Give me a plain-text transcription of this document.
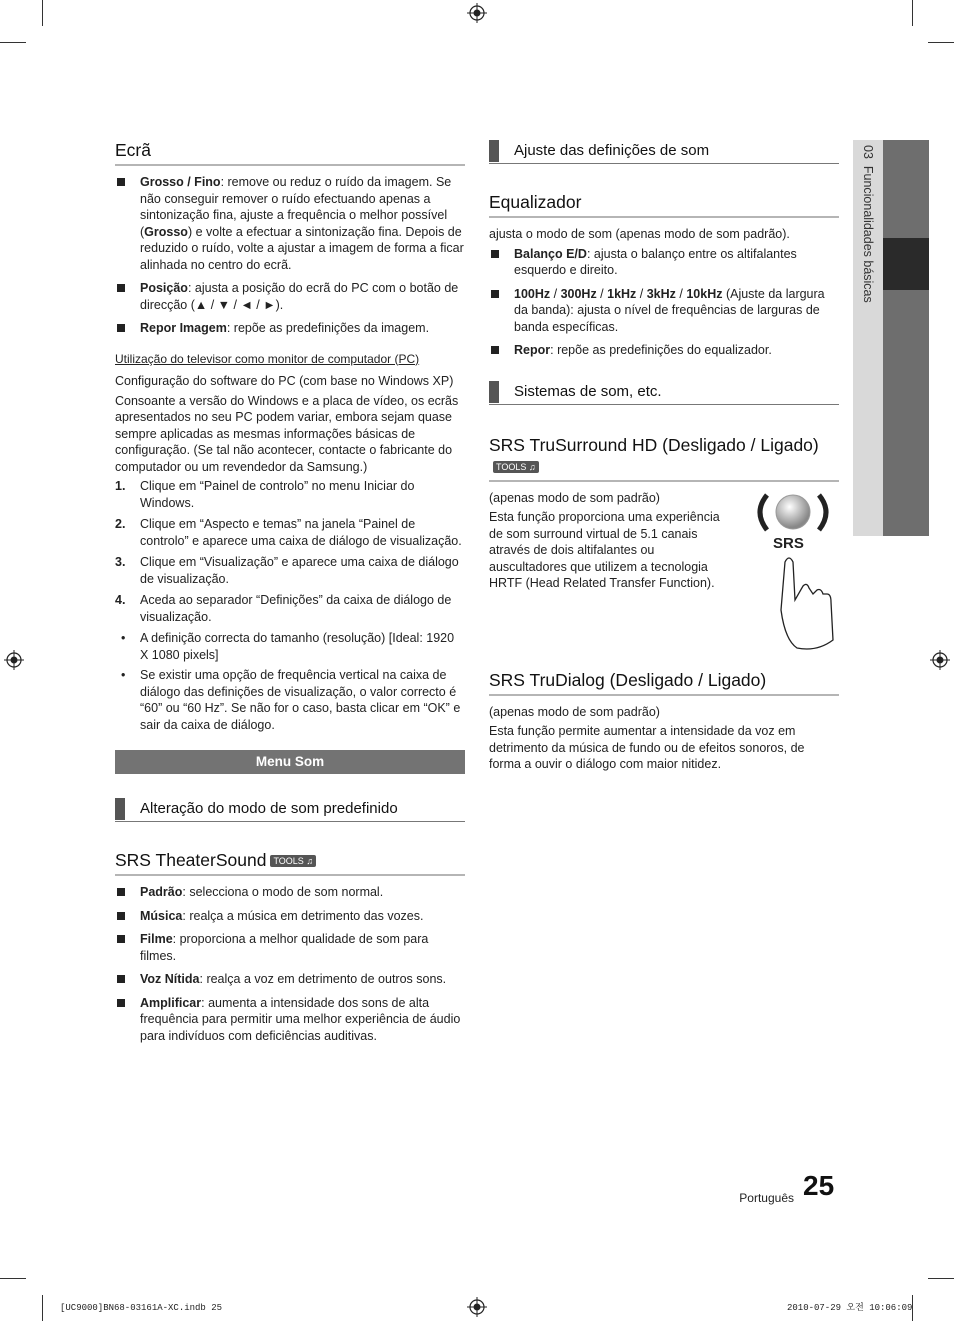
03  Funcionalidades básicas
Ecrã
Grosso / Fino: remove ou reduz o ruído da imagem. Se não conseguir remover o ruído efectuando apenas a sintonização fina, ajuste a frequência o melhor possível (Grosso) e volte a efectuar a sintonização fina. Depois de reduzido o ruído, volte a ajustar a imagem de forma a ficar alinhada no centro do ecrã.
Posição: ajusta a posição do ecrã do PC com o botão de direcção (▲ / ▼ / ◄ / ►).
Repor Imagem: repõe as predefinições da imagem.
Utilização do televisor como monitor de computador (PC)

Configuração do software do PC (com base no Windows XP)

Consoante a versão do Windows e a placa de vídeo, os ecrãs apresentados no seu PC podem variar, embora sejam quase sempre aplicadas as mesmas informações básicas de configuração. (Se tal não acontecer, contacte o fabricante do computador ou um revendedor da Samsung.)

1. Clique em “Painel de controlo” no menu Iniciar do Windows.
2. Clique em “Aspecto e temas” na janela “Painel de controlo” e aparece uma caixa de diálogo de visualização.
3. Clique em “Visualização” e aparece uma caixa de diálogo de visualização.
4. Aceda ao separador “Definições” da caixa de diálogo de visualização.
• A definição correcta do tamanho (resolução) [Ideal: 1920 X 1080 pixels]
• Se existir uma opção de frequência vertical na caixa de diálogo das definições de visualização, o valor correcto é “60” ou “60 Hz”. Se não for o caso, basta clicar em “OK” e sair da caixa de diálogo.
Menu Som
Alteração do modo de som predefinido
SRS TheaterSound TOOLS ♫
Padrão: selecciona o modo de som normal.
Música: realça a música em detrimento das vozes.
Filme: proporciona a melhor qualidade de som para filmes.
Voz Nítida: realça a voz em detrimento de outros sons.
Amplificar: aumenta a intensidade dos sons de alta frequência para permitir uma melhor experiência de áudio para indivíduos com deficiências auditivas.
Ajuste das definições de som
Equalizador

ajusta o modo de som (apenas modo de som padrão).

Balanço E/D: ajusta o balanço entre os altifalantes esquerdo e direito.
100Hz / 300Hz / 1kHz / 3kHz / 10kHz (Ajuste da largura da banda): ajusta o nível de frequências de larguras de banda específicas.
Repor: repõe as predefinições do equalizador.
Sistemas de som, etc.
SRS TruSurround HD (Desligado / Ligado)TOOLS ♫

(apenas modo de som padrão)

Esta função proporciona uma experiência de som surround virtual de 5.1 canais através de dois altifalantes ou auscultadores que utilizem a tecnologia HRTF (Head Related Transfer Function).

SRS
SRS TruDialog (Desligado / Ligado)

(apenas modo de som padrão)

Esta função permite aumentar a intensidade da voz em detrimento da música de fundo ou de efeitos sonoros, de forma a ouvir o diálogo com maior nitidez.

Português 25
[UC9000]BN68-03161A-XC.indb 25	2010-07-29 오전 10:06:09
